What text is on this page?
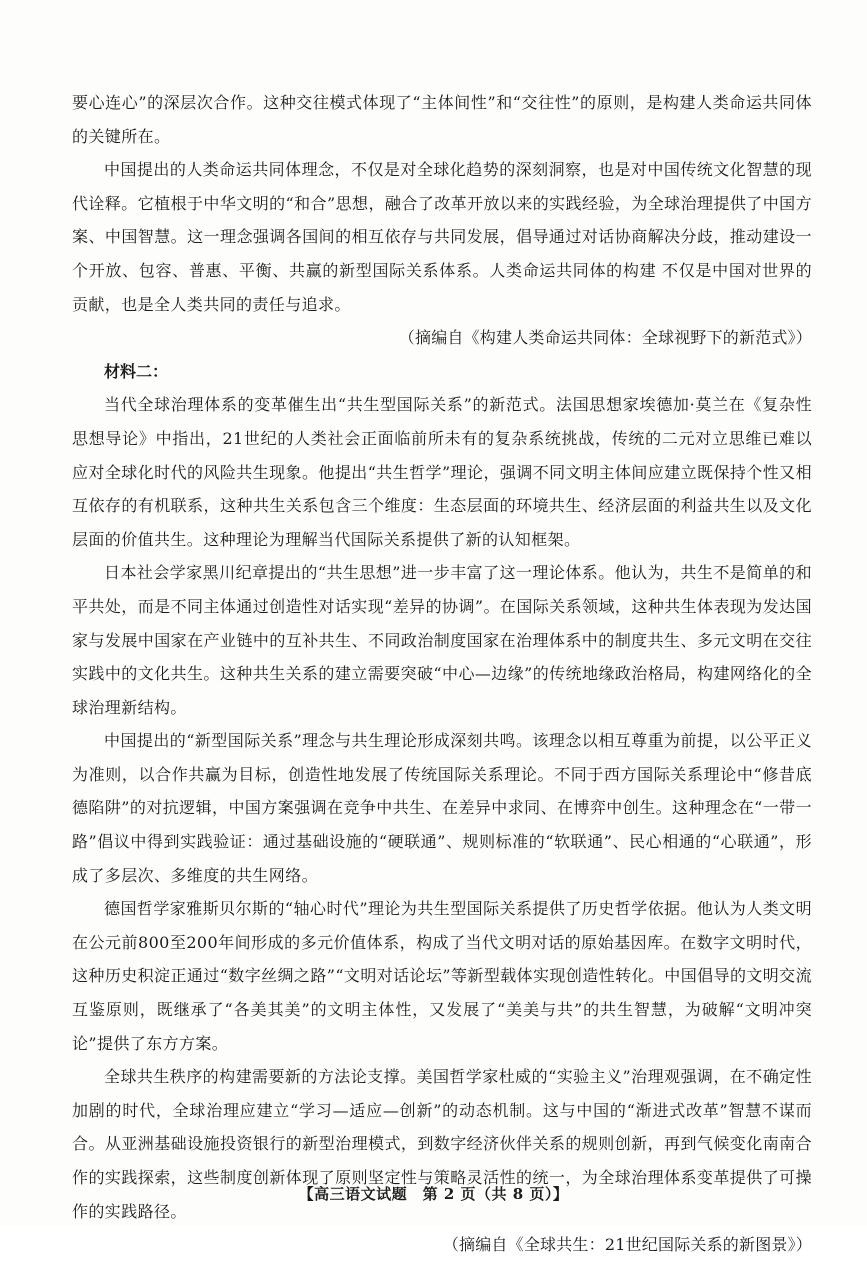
要心连心”的深层次合作。这种交往模式体现了“主体间性”和“交往性”的原则，是构建人类命运共同体的关键所在。

中国提出的人类命运共同体理念，不仅是对全球化趋势的深刻洞察，也是对中国传统文化智慧的现代诠释。它植根于中华文明的“和合”思想，融合了改革开放以来的实践经验，为全球治理提供了中国方案、中国智慧。这一理念强调各国间的相互依存与共同发展，倡导通过对话协商解决分歧，推动建设一个开放、包容、普惠、平衡、共赢的新型国际关系体系。人类命运共同体的构建 不仅是中国对世界的贡献，也是全人类共同的责任与追求。

（摘编自《构建人类命运共同体：全球视野下的新范式》）

材料二：

当代全球治理体系的变革催生出“共生型国际关系”的新范式。法国思想家埃德加·莫兰在《复杂性思想导论》中指出，21世纪的人类社会正面临前所未有的复杂系统挑战，传统的二元对立思维已难以应对全球化时代的风险共生现象。他提出“共生哲学”理论，强调不同文明主体间应建立既保持个性又相互依存的有机联系，这种共生关系包含三个维度：生态层面的环境共生、经济层面的利益共生以及文化层面的价值共生。这种理论为理解当代国际关系提供了新的认知框架。

日本社会学家黑川纪章提出的“共生思想”进一步丰富了这一理论体系。他认为，共生不是简单的和平共处，而是不同主体通过创造性对话实现“差异的协调”。在国际关系领域，这种共生体表现为发达国家与发展中国家在产业链中的互补共生、不同政治制度国家在治理体系中的制度共生、多元文明在交往实践中的文化共生。这种共生关系的建立需要突破“中心—边缘”的传统地缘政治格局，构建网络化的全球治理新结构。

中国提出的“新型国际关系”理念与共生理论形成深刻共鸣。该理念以相互尊重为前提，以公平正义为准则，以合作共赢为目标，创造性地发展了传统国际关系理论。不同于西方国际关系理论中“修昔底德陷阱”的对抗逻辑，中国方案强调在竞争中共生、在差异中求同、在博弈中创生。这种理念在“一带一路”倡议中得到实践验证：通过基础设施的“硬联通”、规则标准的“软联通”、民心相通的“心联通”，形成了多层次、多维度的共生网络。

德国哲学家雅斯贝尔斯的“轴心时代”理论为共生型国际关系提供了历史哲学依据。他认为人类文明在公元前800至200年间形成的多元价值体系，构成了当代文明对话的原始基因库。在数字文明时代，这种历史积淀正通过“数字丝绸之路”“文明对话论坛”等新型载体实现创造性转化。中国倡导的文明交流互鉴原则，既继承了“各美其美”的文明主体性，又发展了“美美与共”的共生智慧，为破解“文明冲突论”提供了东方方案。

全球共生秩序的构建需要新的方法论支撑。美国哲学家杜威的“实验主义”治理观强调，在不确定性加剧的时代，全球治理应建立“学习—适应—创新”的动态机制。这与中国的“渐进式改革”智慧不谋而合。从亚洲基础设施投资银行的新型治理模式，到数字经济伙伴关系的规则创新，再到气候变化南南合作的实践探索，这些制度创新体现了原则坚定性与策略灵活性的统一，为全球治理体系变革提供了可操作的实践路径。

（摘编自《全球共生：21世纪国际关系的新图景》）

【高三语文试题　第 2 页（共 8 页）】
